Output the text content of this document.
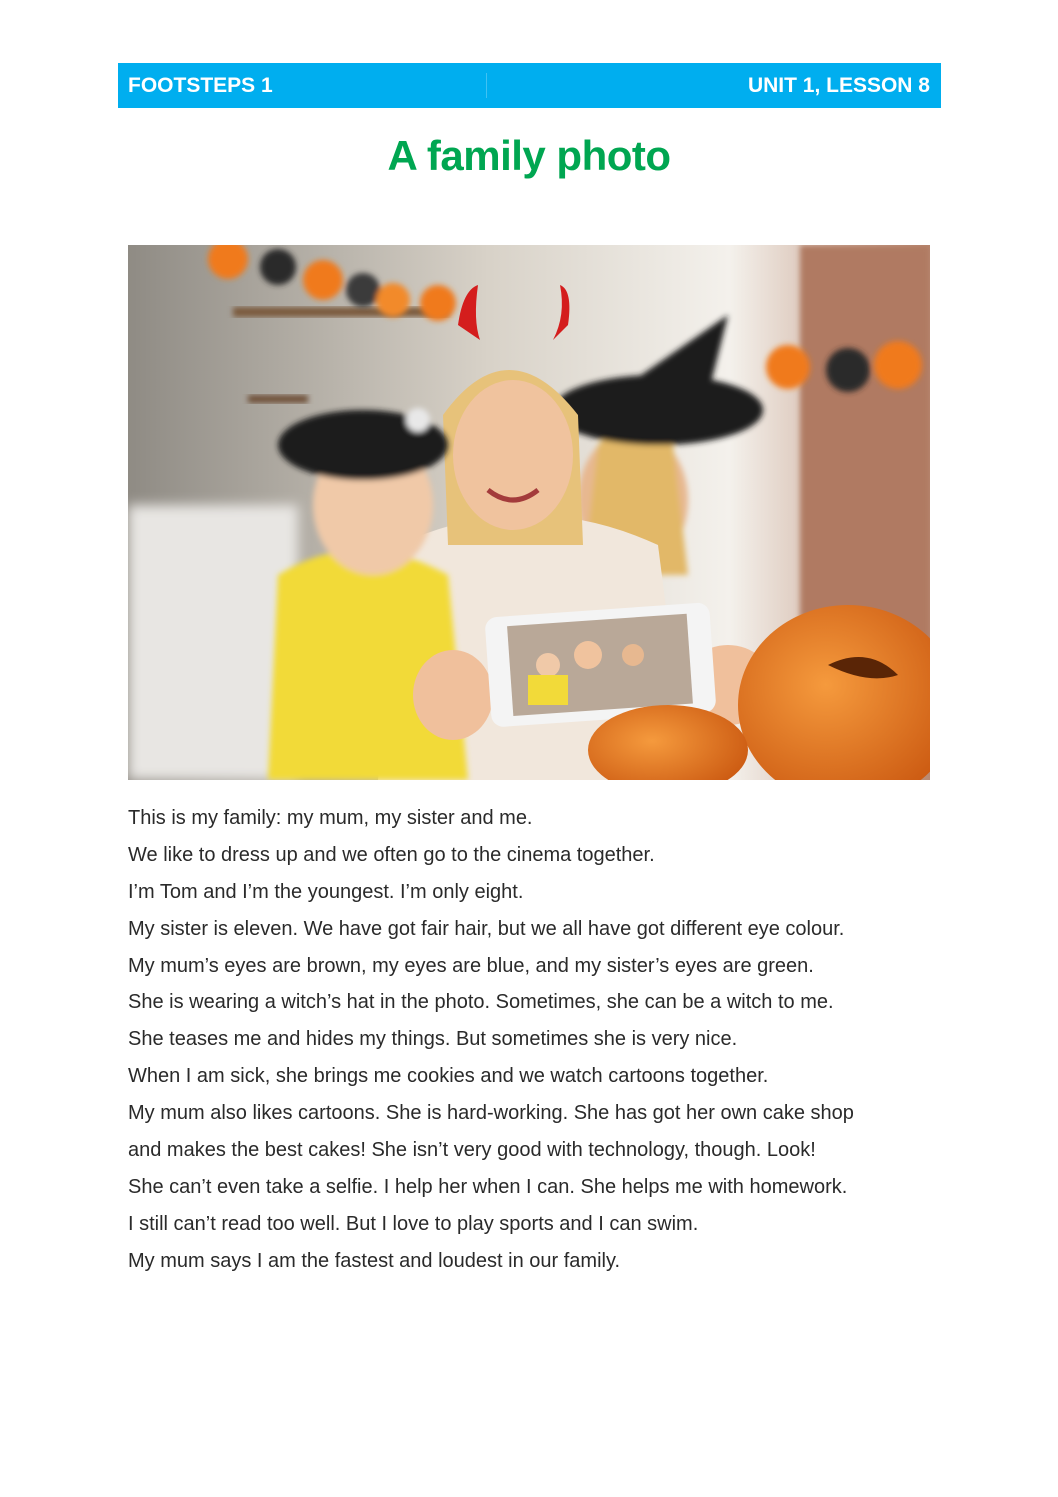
FOOTSTEPS 1	UNIT 1, LESSON 8
A family photo
This is my family: my mum, my sister and me.
We like to dress up and we often go to the cinema together.
I’m Tom and I’m the youngest. I’m only eight.
My sister is eleven. We have got fair hair, but we all have got different eye colour.
My mum’s eyes are brown, my eyes are blue, and my sister’s eyes are green.
She is wearing a witch’s hat in the photo. Sometimes, she can be a witch to me.
She teases me and hides my things. But sometimes she is very nice.
When I am sick, she brings me cookies and we watch cartoons together.
My mum also likes cartoons. She is hard-working. She has got her own cake shop
and makes the best cakes! She isn’t very good with technology, though. Look!
She can’t even take a selfie. I help her when I can. She helps me with homework.
I still can’t read too well. But I love to play sports and I can swim.
My mum says I am the fastest and loudest in our family.
